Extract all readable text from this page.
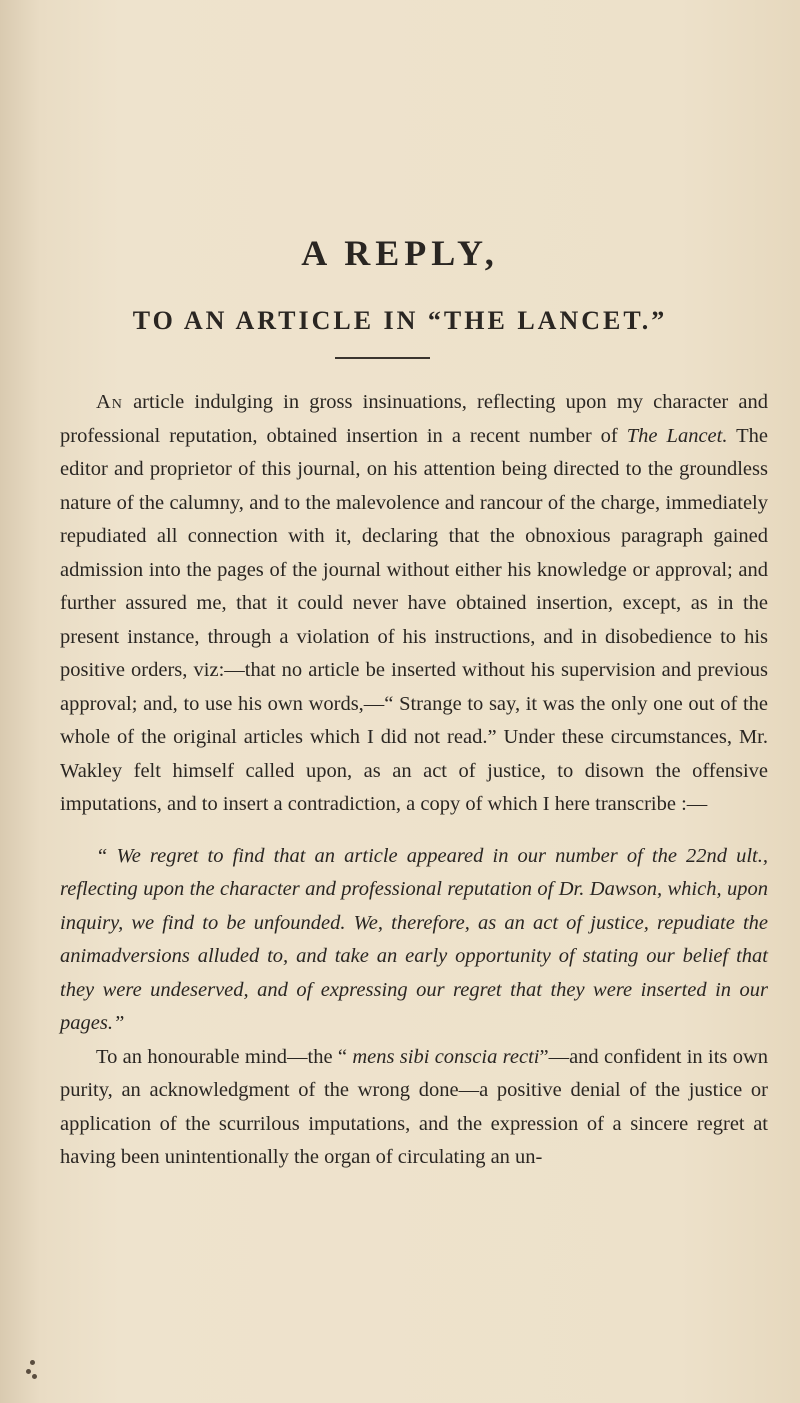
A REPLY,
TO AN ARTICLE IN “THE LANCET.”

An article indulging in gross insinuations, reflecting upon my character and professional reputation, obtained insertion in a recent number of The Lancet. The editor and proprietor of this journal, on his attention being directed to the groundless nature of the calumny, and to the malevolence and rancour of the charge, immediately repudiated all connection with it, declaring that the obnoxious paragraph gained admission into the pages of the journal without either his knowledge or approval; and further assured me, that it could never have obtained insertion, except, as in the present instance, through a violation of his instructions, and in disobedience to his positive orders, viz:—that no article be inserted without his supervision and previous approval; and, to use his own words,—“ Strange to say, it was the only one out of the whole of the original articles which I did not read.” Under these circumstances, Mr. Wakley felt himself called upon, as an act of justice, to disown the offensive imputations, and to insert a contradiction, a copy of which I here transcribe :—

“ We regret to find that an article appeared in our number of the 22nd ult., reflecting upon the character and professional reputation of Dr. Dawson, which, upon inquiry, we find to be unfounded. We, therefore, as an act of justice, repudiate the animadversions alluded to, and take an early opportunity of stating our belief that they were undeserved, and of expressing our regret that they were inserted in our pages.”

To an honourable mind—the “ mens sibi conscia recti”—and confident in its own purity, an acknowledgment of the wrong done—a positive denial of the justice or application of the scurrilous imputations, and the expression of a sincere regret at having been unintentionally the organ of circulating an un-
